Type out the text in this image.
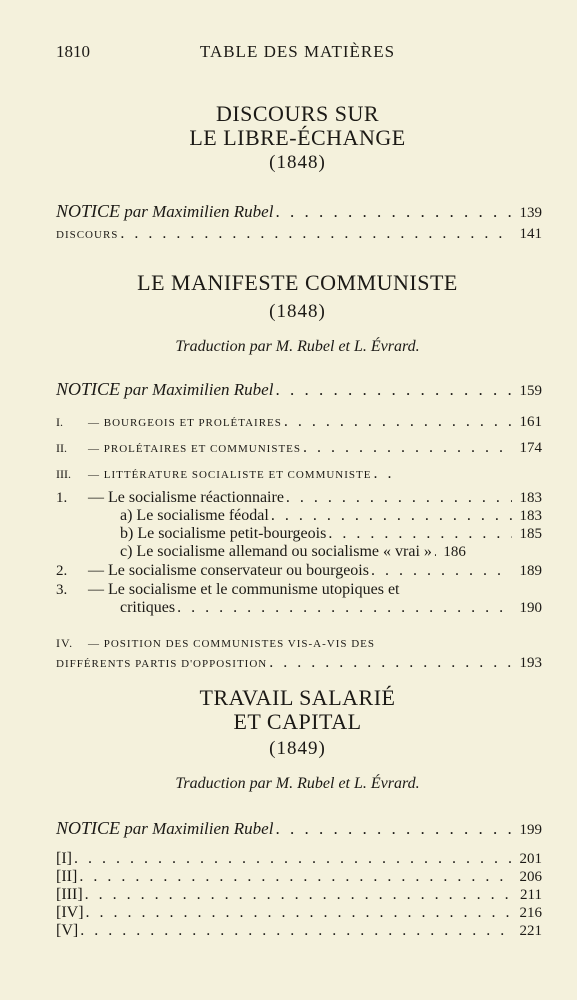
1810	TABLE DES MATIÈRES
DISCOURS SUR
LE LIBRE-ÉCHANGE
(1848)
NOTICE par Maximilien Rubel . . .	139
DISCOURS . . .	141
LE MANIFESTE COMMUNISTE
(1848)
Traduction par M. Rubel et L. Évrard.
NOTICE par Maximilien Rubel . . .	159
I. — BOURGEOIS ET PROLÉTAIRES . . .	161
II. — PROLÉTAIRES ET COMMUNISTES . . .	174
III. — LITTÉRATURE SOCIALISTE ET COMMUNISTE
. . .
1. — Le socialisme réactionnaire . . .	183
a) Le socialisme féodal . . .	183
b) Le socialisme petit-bourgeois . . .	185
c) Le socialisme allemand ou socialisme « vrai » . . . 186
2. — Le socialisme conservateur ou bourgeois . . .	189
3. — Le socialisme et le communisme utopiques et
critiques . . .	190
IV. — POSITION DES COMMUNISTES VIS-A-VIS DES
DIFFÉRENTS PARTIS D'OPPOSITION . . .	193
TRAVAIL SALARIÉ
ET CAPITAL
(1849)
Traduction par M. Rubel et L. Évrard.
NOTICE par Maximilien Rubel . . .	199
[I] . . .	201
[II] . . .	206
[III] . . .	211
[IV] . . .	216
[V] . . .	221
